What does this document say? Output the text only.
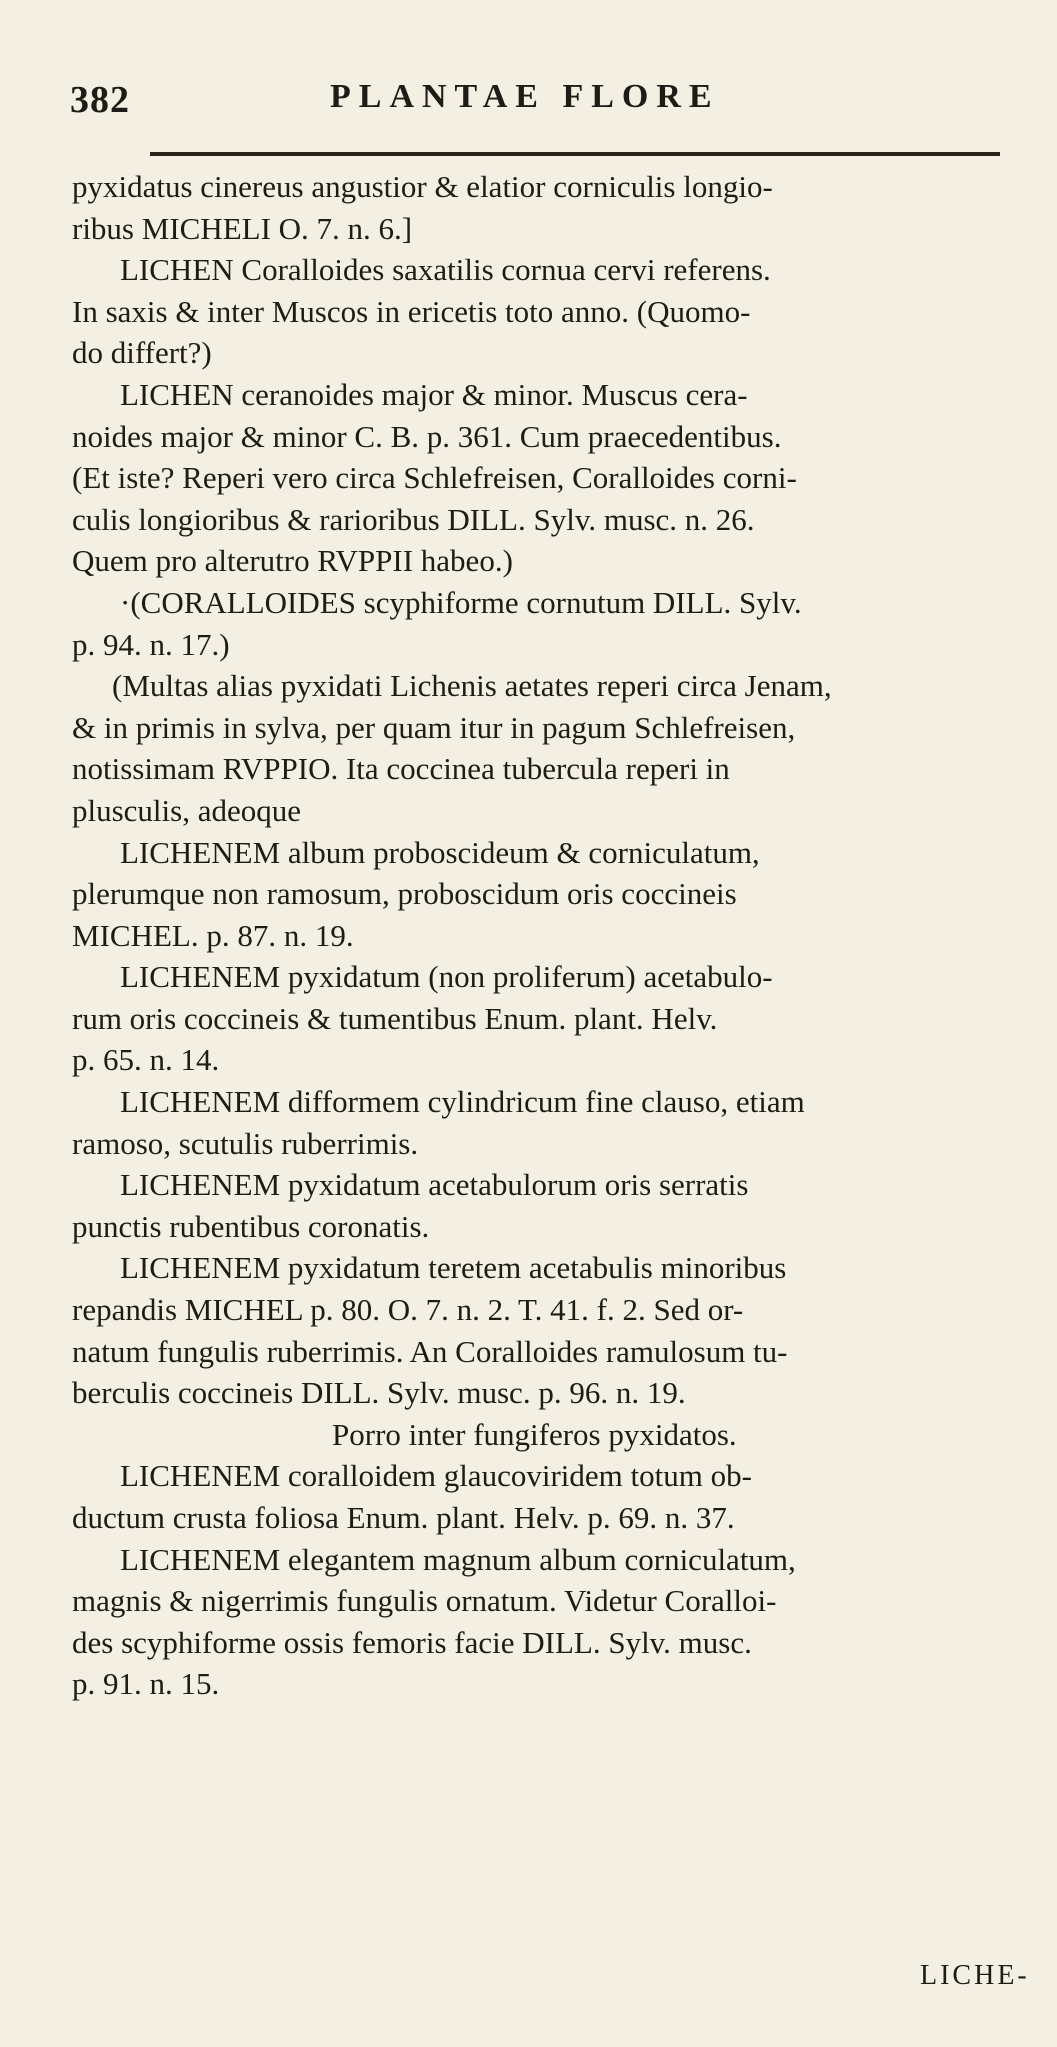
382	PLANTAE FLORE
pyxidatus cinereus angustior & elatior corniculis longio-
ribus MICHELI O. 7. n. 6.]
LICHEN Coralloides saxatilis cornua cervi referens.
In saxis & inter Muscos in ericetis toto anno. (Quomo-
do differt?)
LICHEN ceranoides major & minor. Muscus cera-
noides major & minor C. B. p. 361. Cum praecedentibus.
(Et iste? Reperi vero circa Schlefreisen, Coralloides corni-
culis longioribus & rarioribus DILL. Sylv. musc. n. 26.
Quem pro alterutro RVPPII habeo.)
·(CORALLOIDES scyphiforme cornutum DILL. Sylv.
p. 94. n. 17.)
(Multas alias pyxidati Lichenis aetates reperi circa Jenam,
& in primis in sylva, per quam itur in pagum Schlefreisen,
notissimam RVPPIO. Ita coccinea tubercula reperi in
plusculis, adeoque
LICHENEM album proboscideum & corniculatum,
plerumque non ramosum, proboscidum oris coccineis
MICHEL. p. 87. n. 19.
LICHENEM pyxidatum (non proliferum) acetabulo-
rum oris coccineis & tumentibus Enum. plant. Helv.
p. 65. n. 14.
LICHENEM difformem cylindricum fine clauso, etiam
ramoso, scutulis ruberrimis.
LICHENEM pyxidatum acetabulorum oris serratis
punctis rubentibus coronatis.
LICHENEM pyxidatum teretem acetabulis minoribus
repandis MICHEL p. 80. O. 7. n. 2. T. 41. f. 2. Sed or-
natum fungulis ruberrimis. An Coralloides ramulosum tu-
berculis coccineis DILL. Sylv. musc. p. 96. n. 19.
Porro inter fungiferos pyxidatos.
LICHENEM coralloidem glaucoviridem totum ob-
ductum crusta foliosa Enum. plant. Helv. p. 69. n. 37.
LICHENEM elegantem magnum album corniculatum,
magnis & nigerrimis fungulis ornatum. Videtur Coralloi-
des scyphiforme ossis femoris facie DILL. Sylv. musc.
p. 91. n. 15.
LICHE-
